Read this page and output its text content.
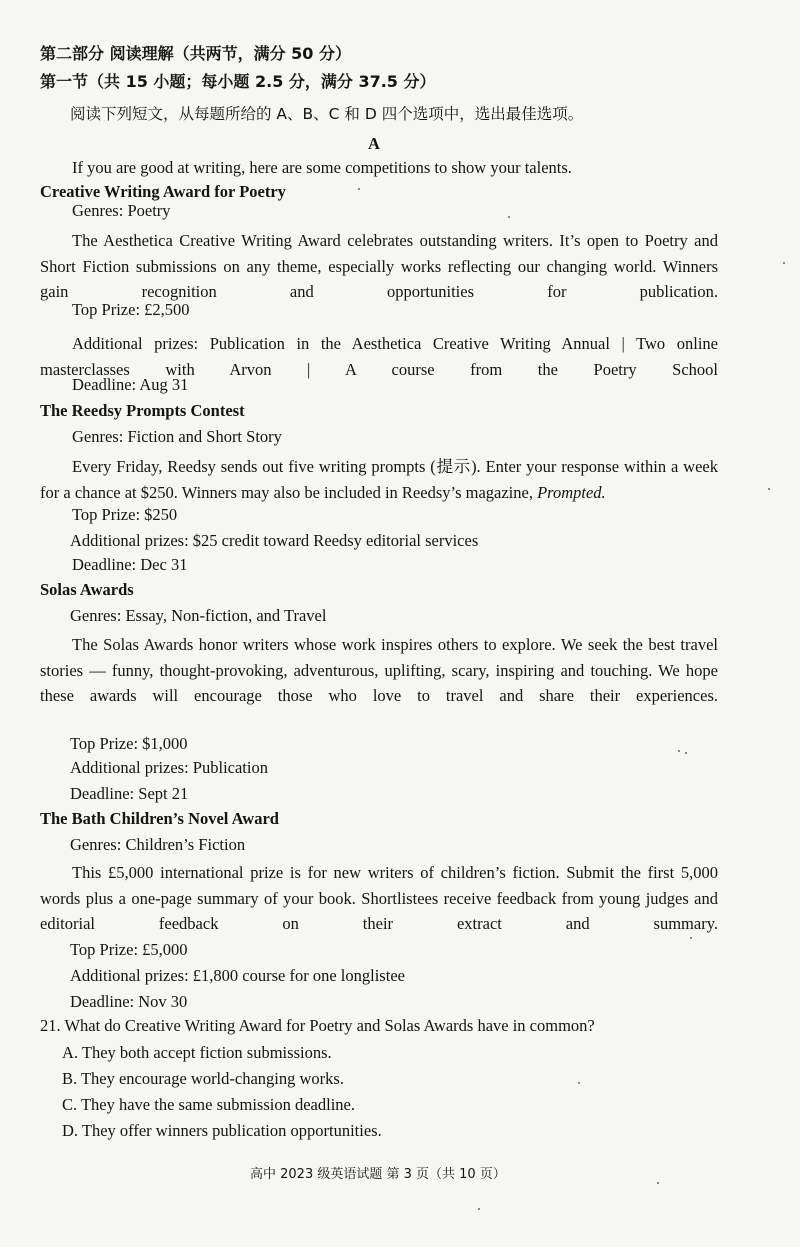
第二部分 阅读理解（共两节，满分 50 分）
第一节（共 15 小题；每小题 2.5 分，满分 37.5 分）
阅读下列短文，从每题所给的 A、B、C 和 D 四个选项中，选出最佳选项。
A
If you are good at writing, here are some competitions to show your talents.
Creative Writing Award for Poetry
Genres: Poetry
The Aesthetica Creative Writing Award celebrates outstanding writers. It’s open to Poetry and Short Fiction submissions on any theme, especially works reflecting our changing world. Winners gain recognition and opportunities for publication.
Top Prize: £2,500
Additional prizes: Publication in the Aesthetica Creative Writing Annual | Two online masterclasses with Arvon | A course from the Poetry School
Deadline: Aug 31
The Reedsy Prompts Contest
Genres: Fiction and Short Story
Every Friday, Reedsy sends out five writing prompts (提示). Enter your response within a week for a chance at $250. Winners may also be included in Reedsy’s magazine, Prompted.
Top Prize: $250
Additional prizes: $25 credit toward Reedsy editorial services
Deadline: Dec 31
Solas Awards
Genres: Essay, Non-fiction, and Travel
The Solas Awards honor writers whose work inspires others to explore. We seek the best travel stories — funny, thought-provoking, adventurous, uplifting, scary, inspiring and touching. We hope these awards will encourage those who love to travel and share their experiences.
Top Prize: $1,000
Additional prizes: Publication
Deadline: Sept 21
The Bath Children’s Novel Award
Genres: Children’s Fiction
This £5,000 international prize is for new writers of children’s fiction. Submit the first 5,000 words plus a one-page summary of your book. Shortlistees receive feedback from young judges and editorial feedback on their extract and summary.
Top Prize: £5,000
Additional prizes: £1,800 course for one longlistee
Deadline: Nov 30
21. What do Creative Writing Award for Poetry and Solas Awards have in common?
A. They both accept fiction submissions.
B. They encourage world-changing works.
C. They have the same submission deadline.
D. They offer winners publication opportunities.
高中 2023 级英语试题 第 3 页（共 10 页）
